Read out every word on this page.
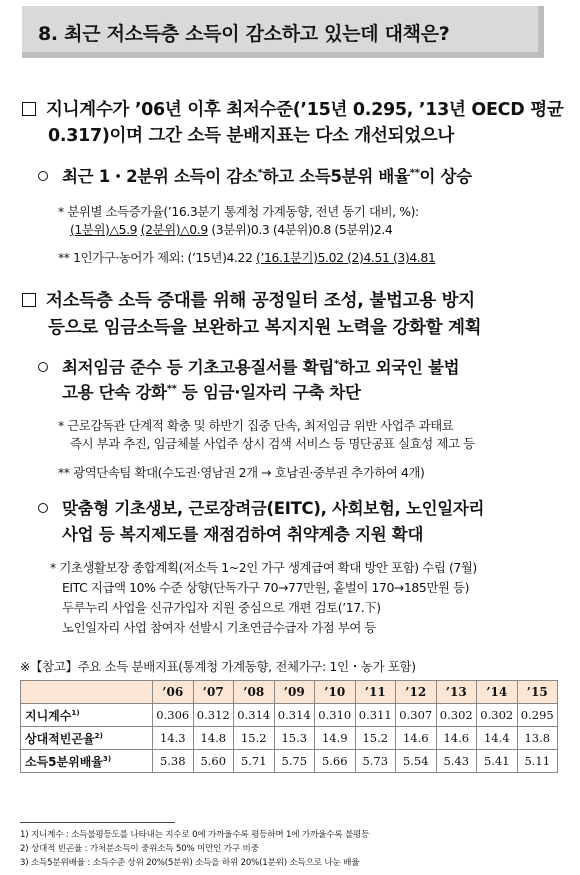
8. 최근 저소득층 소득이 감소하고 있는데 대책은?
지니계수가 ’06년 이후 최저수준(’15년 0.295, ’13년 OECD 평균
0.317)이며 그간 소득 분배지표는 다소 개선되었으나
최근 1・2분위 소득이 감소*하고 소득5분위 배율**이 상승
* 분위별 소득증가율(’16.3분기 통계청 가계동향, 전년 동기 대비, %):
(1분위)△5.9 (2분위)△0.9 (3분위)0.3 (4분위)0.8 (5분위)2.4
** 1인가구·농어가 제외: (’15년)4.22 (’16.1분기)5.02 (2)4.51 (3)4.81
저소득층 소득 증대를 위해 공정일터 조성, 불법고용 방지
등으로 임금소득을 보완하고 복지지원 노력을 강화할 계획
최저임금 준수 등 기초고용질서를 확립*하고 외국인 불법
고용 단속 강화** 등 임금·일자리 구축 차단
* 근로감독관 단계적 확충 및 하반기 집중 단속, 최저임금 위반 사업주 과태료
즉시 부과 추진, 임금체불 사업주 상시 검색 서비스 등 명단공표 실효성 제고 등
** 광역단속팀 확대(수도권·영남권 2개 → 호남권·중부권 추가하여 4개)
맞춤형 기초생보, 근로장려금(EITC), 사회보험, 노인일자리
사업 등 복지제도를 재점검하여 취약계층 지원 확대
* 기초생활보장 종합계획(저소득 1~2인 가구 생계급여 확대 방안 포함) 수립 (7월)
EITC 지급액 10% 수준 상향(단독가구 70→77만원, 홑벌이 170→185만원 등)
두루누리 사업을 신규가입자 지원 중심으로 개편 검토(’17.下)
노인일자리 사업 참여자 선발시 기초연금수급자 가점 부여 등
※【참고】주요 소득 분배지표(통계청 가계동향, 전체가구: 1인・농가 포함)
	’06	’07	’08	’09	’10	’11	’12	’13	’14	’15
지니계수$^{1)}$	0.306	0.312	0.314	0.314	0.310	0.311	0.307	0.302	0.302	0.295
상대적빈곤율$^{2)}$	14.3	14.8	15.2	15.3	14.9	15.2	14.6	14.6	14.4	13.8
소득5분위배율$^{3)}$	5.38	5.60	5.71	5.75	5.66	5.73	5.54	5.43	5.41	5.11
1) 지니계수 : 소득불평등도를 나타내는 지수로 0에 가까울수록 평등하며 1에 가까울수록 불평등
2) 상대적 빈곤율 : 가처분소득이 중위소득 50% 미만인 가구 비중
3) 소득5분위배율 : 소득수준 상위 20%(5분위) 소득을 하위 20%(1분위) 소득으로 나눈 배율
